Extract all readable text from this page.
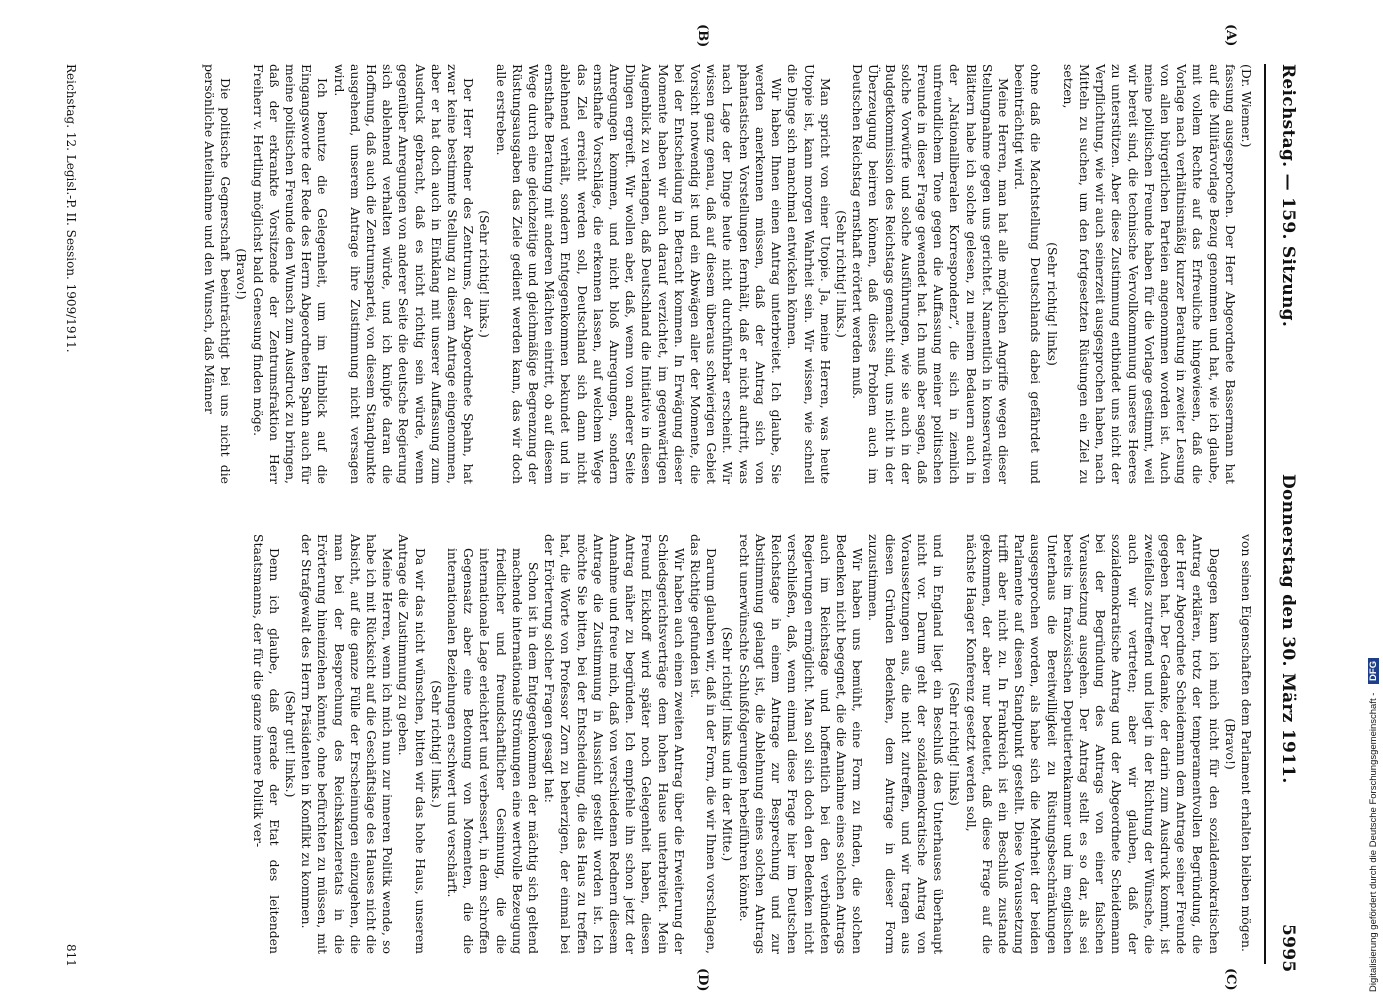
Reichstag. — 159. Sitzung.
Donnerstag den 30. März 1911.
5995
(A)
(B)
(C)
(D)

(Dr. Wiemer.)

fassung ausgesprochen. Der Herr Abgeordnete Bassermann hat auf die Militärvorlage Bezug genommen und hat, wie ich glaube, mit vollem Rechte auf das Erfreuliche hingewiesen, daß die Vorlage nach verhältnismäßig kurzer Beratung in zweiter Lesung von allen bürgerlichen Parteien angenommen worden ist. Auch meine politischen Freunde haben für die Vorlage gestimmt, weil wir bereit sind, die technische Vervollkommnung unseres Heeres zu unterstützen. Aber diese Zustimmung entbindet uns nicht der Verpflichtung, wie wir auch seinerzeit ausgesprochen haben, nach Mitteln zu suchen, um den fortgesetzten Rüstungen ein Ziel zu setzen,

(Sehr richtig! links)

ohne daß die Machtstellung Deutschlands dabei gefährdet und beeinträchtigt wird.

Meine Herren, man hat alle möglichen Angriffe wegen dieser Stellungnahme gegen uns gerichtet. Namentlich in konservativen Blättern habe ich solche gelesen, zu meinem Bedauern auch in der „Nationalliberalen Korrespondenz“, die sich in ziemlich unfreundlichem Tone gegen die Auffassung meiner politischen Freunde in dieser Frage gewendet hat. Ich muß aber sagen, daß solche Vorwürfe und solche Ausführungen, wie sie auch in der Budgetkommission des Reichstags gemacht sind, uns nicht in der Überzeugung beirren können, daß dieses Problem auch im Deutschen Reichstag ernsthaft erörtert werden muß.

(Sehr richtig! links.)

Man spricht von einer Utopie. Ja, meine Herren, was heute Utopie ist, kann morgen Wahrheit sein. Wir wissen, wie schnell die Dinge sich manchmal entwickeln können.

Wir haben Ihnen einen Antrag unterbreitet. Ich glaube, Sie werden anerkennen müssen, daß der Antrag sich von phantastischen Vorstellungen fernhält, daß er nicht auftritt, was nach Lage der Dinge heute nicht durchführbar erscheint. Wir wissen ganz genau, daß auf diesem überaus schwierigen Gebiet Vorsicht notwendig ist und ein Abwägen aller der Momente, die bei der Entscheidung in Betracht kommen. In Erwägung dieser Momente haben wir auch darauf verzichtet, im gegenwärtigen Augenblick zu verlangen, daß Deutschland die Initiative in diesen Dingen ergreift. Wir wollen aber, daß, wenn von anderer Seite Anregungen kommen, und nicht bloß Anregungen, sondern ernsthafte Vorschläge, die erkennen lassen, auf welchem Wege das Ziel erreicht werden soll, Deutschland sich dann nicht ablehnend verhält, sondern Entgegenkommen bekundet und in ernsthafte Beratung mit anderen Mächten eintritt, ob auf diesem Wege durch eine gleichzeitige und gleichmäßige Begrenzung der Rüstungsausgaben das Ziele gedient werden kann, das wir doch alle erstreben.

(Sehr richtig! links.)

Der Herr Redner des Zentrums, der Abgeordnete Spahn, hat zwar keine bestimmte Stellung zu diesem Antrage eingenommen, aber er hat doch auch in Einklang mit unserer Auffassung zum Ausdruck gebracht, daß es nicht richtig sein würde, wenn gegenüber Anregungen von anderer Seite die deutsche Regierung sich ablehnend verhalten würde, und ich knüpfe daran die Hoffnung, daß auch die Zentrumspartei, von diesem Standpunkte ausgehend, unserem Antrage ihre Zustimmung nicht versagen wird.

Ich benutze die Gelegenheit, um im Hinblick auf die Eingangsworte der Rede des Herrn Abgeordneten Spahn auch für meine politischen Freunde den Wunsch zum Ausdruck zu bringen, daß der erkrankte Vorsitzende der Zentrumsfraktion Herr Freiherr v. Hertling möglichst bald Genesung finden möge.

(Bravo!)

Die politische Gegnerschaft beeinträchtigt bei uns nicht die persönliche Anteilnahme und den Wunsch, daß Männer

Reichstag. 12. Legisl.-P. II. Session. 1909/1911.

von seinen Eigenschaften dem Parlament erhalten bleiben mögen.

(Bravo!)

Dagegen kann ich mich nicht für den sozialdemokratischen Antrag erklären, trotz der temperamentvollen Begründung, die der Herr Abgeordnete Scheidemann dem Antrage seiner Freunde gegeben hat. Der Gedanke, der darin zum Ausdruck kommt, ist zweifellos zutreffend und liegt in der Richtung der Wünsche, die auch wir vertreten; aber wir glauben, daß der sozialdemokratische Antrag und der Abgeordnete Scheidemann bei der Begründung des Antrags von einer falschen Voraussetzung ausgehen. Der Antrag stellt es so dar, als sei bereits im französischen Deputiertenkammer und im englischen Unterhaus die Bereitwilligkeit zu Rüstungsbeschränkungen ausgesprochen worden, als habe sich die Mehrheit der beiden Parlamente auf diesen Standpunkt gestellt. Diese Voraussetzung trifft aber nicht zu. In Frankreich ist ein Beschluß zustande gekommen, der aber nur bedeutet, daß diese Frage auf die nächste Haager Konferenz gesetzt werden soll,

(Sehr richtig! links)

und in England liegt ein Beschluß des Unterhauses überhaupt nicht vor. Darum geht der sozialdemokratische Antrag von Voraussetzungen aus, die nicht zutreffen, und wir tragen aus diesen Gründen Bedenken, dem Antrage in dieser Form zuzustimmen.

Wir haben uns bemüht, eine Form zu finden, die solchen Bedenken nicht begegnet, die die Annahme eines solchen Antrags auch im Reichstage und hoffentlich bei den verbündeten Regierungen ermöglicht. Man soll sich doch den Bedenken nicht verschließen, daß, wenn einmal diese Frage hier im Deutschen Reichstage in einem Antrage zur Besprechung und zur Abstimmung gelangt ist, die Ablehnung eines solchen Antrags recht unerwünschte Schlußfolgerungen herbeiführen könnte.

(Sehr richtig! links und in der Mitte.)

Darum glauben wir, daß in der Form, die wir Ihnen vorschlagen, das Richtige gefunden ist.

Wir haben auch einen zweiten Antrag über die Erweiterung der Schiedsgerichtsverträge dem hohen Hause unterbreitet. Mein Freund Eickhoff wird später noch Gelegenheit haben, diesen Antrag näher zu begründen. Ich empfehle ihn schon jetzt der Annahme und freue mich, daß von verschiedenen Rednern diesem Antrage die Zustimmung in Aussicht gestellt worden ist. Ich möchte Sie bitten, bei der Entscheidung, die das Haus zu treffen hat, die Worte von Professor Zorn zu beherzigen, der einmal bei der Erörterung solcher Fragen gesagt hat:

Schon ist in dem Entgegenkommen der mächtig sich geltend machende internationale Strömungen eine wertvolle Bezeugung friedlicher und freundschaftlicher Gesinnung, die die internationale Lage erleichtert und verbessert, in dem schroffen Gegensatz aber eine Betonung von Momenten, die die internationalen Beziehungen erschwert und verschärft.

(Sehr richtig! links.)

Da wir das nicht wünschen, bitten wir das hohe Haus, unserem Antrage die Zustimmung zu geben.

Meine Herren, wenn ich mich nun zur inneren Politik wende, so habe ich mit Rücksicht auf die Geschäftslage des Hauses nicht die Absicht, auf die ganze Fülle der Erscheinungen einzugehen, die man bei der Besprechung des Reichskanzleretats in die Erörterung hineinziehen könnte, ohne befürchten zu müssen, mit der Strafgewalt des Herrn Präsidenten in Konflikt zu kommen.

(Sehr gut! links.)

Denn ich glaube, daß gerade der Etat des leitenden Staatsmanns, der für die ganze innere Politik ver-

811	Digitalisierung gefördert durch die Deutsche Forschungsgemeinschaft - DFG
